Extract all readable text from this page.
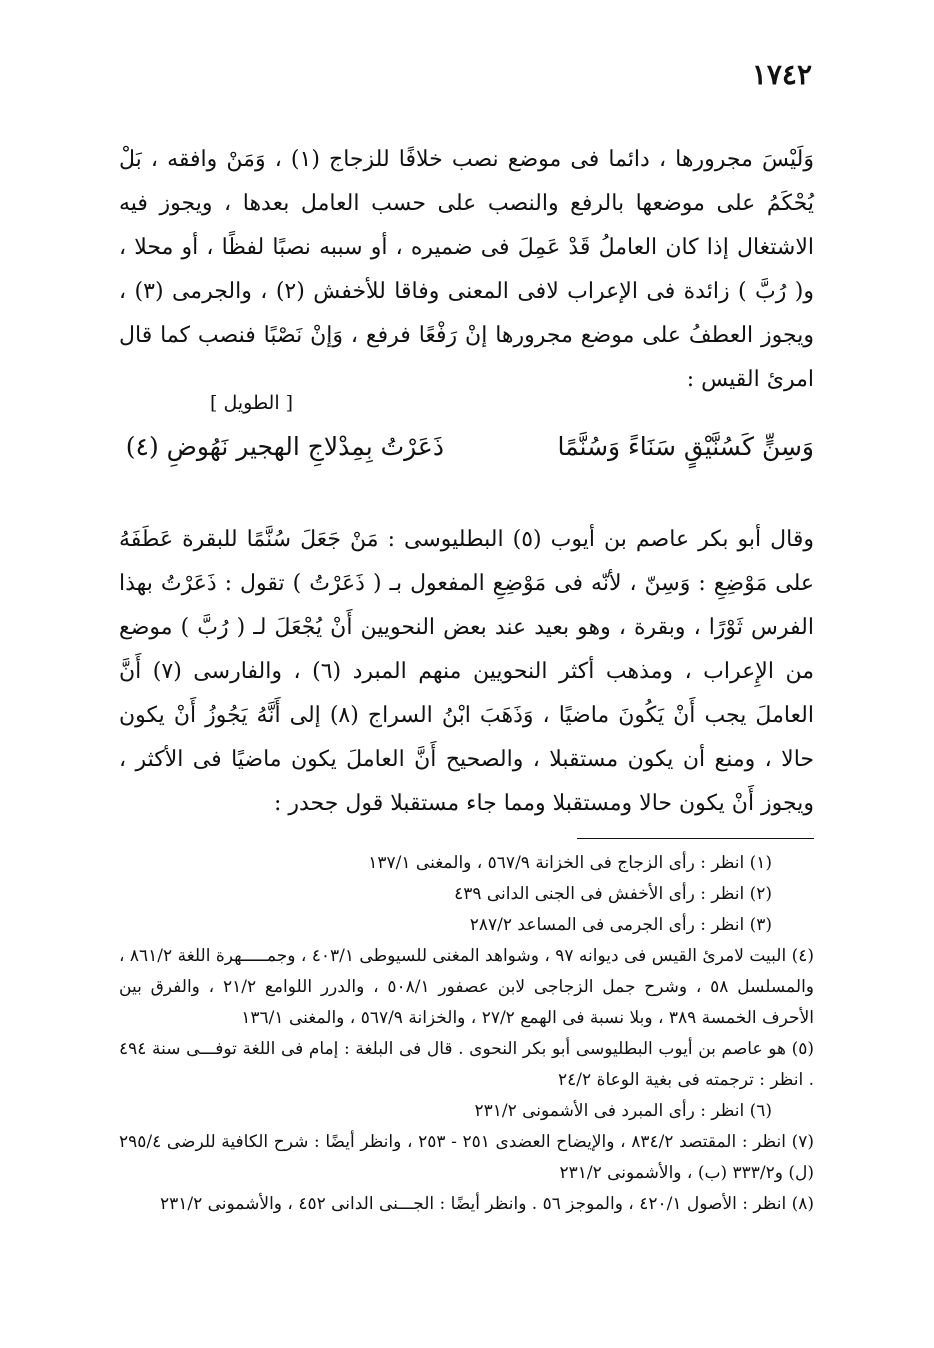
١٧٤٢

وَلَيْسَ مجرورها ، دائما فى موضع نصب خلافًا للزجاج (١) ، وَمَنْ وافقه ، بَلْ يُحْكَمُ على موضعها بالرفع والنصب على حسب العامل بعدها ، ويجوز فيه الاشتغال إذا كان العاملُ قَدْ عَمِلَ فى ضميره ، أو سببه نصبًا لفظًا ، أو محلا ، و( رُبَّ ) زائدة فى الإعراب لافى المعنى وفاقا للأخفش (٢) ، والجرمى (٣) ، ويجوز العطفُ على موضع مجرورها إنْ رَفْعًا فرفع ، وَإنْ نَصْبًا فنصب كما قال امرئ القيس :

[ الطويل ]
وَسِنٍّ كَسُنَّيْقٍ سَنَاءً وَسُنَّمًا
ذَعَرْتُ بِمِدْلاجِ الهجير نَهُوضِ (٤)

وقال أبو بكر عاصم بن أيوب (٥) البطليوسى : مَنْ جَعَلَ سُنَّمًا للبقرة عَطَفَهُ على مَوْضِعِ : وَسِنّ ، لأنّه فى مَوْضِعِ المفعول بـ ( ذَعَرْتُ ) تقول : ذَعَرْتُ بهذا الفرس ثَوْرًا ، وبقرة ، وهو بعيد عند بعض النحويين أَنْ يُجْعَلَ لـ ( رُبَّ ) موضع من الإِعراب ، ومذهب أكثر النحويين منهم المبرد (٦) ، والفارسى (٧) أَنَّ العاملَ يجب أَنْ يَكُونَ ماضيًا ، وَذَهَبَ ابْنُ السراج (٨) إلى أَنَّهُ يَجُوزُ أَنْ يكون حالا ، ومنع أن يكون مستقبلا ، والصحيح أَنَّ العاملَ يكون ماضيًا فى الأكثر ، ويجوز أَنْ يكون حالا ومستقبلا ومما جاء مستقبلا قول جحدر :

(١) انظر : رأى الزجاج فى الخزانة ٥٦٧/٩ ، والمغنى ١٣٧/١

(٢) انظر : رأى الأخفش فى الجنى الدانى ٤٣٩

(٣) انظر : رأى الجرمى فى المساعد ٢٨٧/٢

(٤) البيت لامرئ القيس فى ديوانه ٩٧ ، وشواهد المغنى للسيوطى ٤٠٣/١ ، وجمـــــهرة اللغة ٨٦١/٢ ، والمسلسل ٥٨ ، وشرح جمل الزجاجى لابن عصفور ٥٠٨/١ ، والدرر اللوامع ٢١/٢ ، والفرق بين الأحرف الخمسة ٣٨٩ ، وبلا نسبة فى الهمع ٢٧/٢ ، والخزانة ٥٦٧/٩ ، والمغنى ١٣٦/١

(٥) هو عاصم بن أيوب البطليوسى أبو بكر النحوى . قال فى البلغة : إمام فى اللغة توفـــى سنة ٤٩٤ . انظر : ترجمته فى بغية الوعاة ٢٤/٢

(٦) انظر : رأى المبرد فى الأشمونى ٢٣١/٢

(٧) انظر : المقتصد ٨٣٤/٢ ، والإيضاح العضدى ٢٥١ - ٢٥٣ ، وانظر أيضًا : شرح الكافية للرضى ٢٩٥/٤ (ل) و٣٣٣/٢ (ب) ، والأشمونى ٢٣١/٢

(٨) انظر : الأصول ٤٢٠/١ ، والموجز ٥٦ . وانظر أيضًا : الجـــنى الدانى ٤٥٢ ، والأشمونى ٢٣١/٢
